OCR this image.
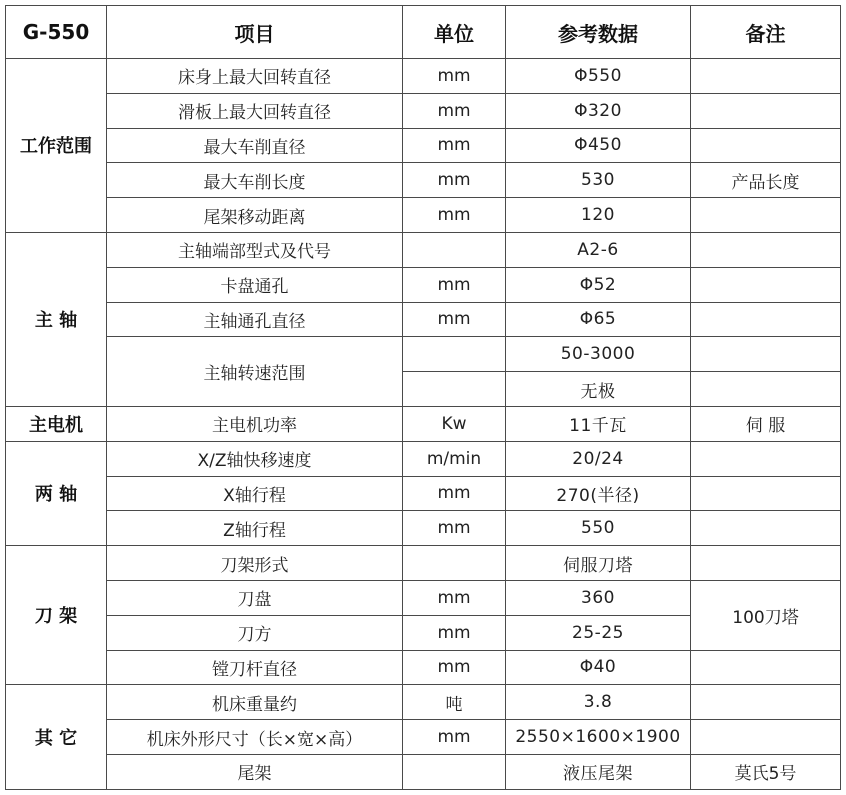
G-550	项目	单位	参考数据	备注
工作范围	床身上最大回转直径	mm	Φ550	
	滑板上最大回转直径	mm	Φ320	
	最大车削直径	mm	Φ450	
	最大车削长度	mm	530	产品长度
	尾架移动距离	mm	120	
主 轴	主轴端部型式及代号		A2-6	
	卡盘通孔	mm	Φ52	
	主轴通孔直径	mm	Φ65	
	主轴转速范围		50-3000	
			无极	
主电机	主电机功率	Kw	11千瓦	伺 服
两 轴	X/Z轴快移速度	m/min	20/24	
	X轴行程	mm	270(半径)	
	Z轴行程	mm	550	
刀 架	刀架形式		伺服刀塔	
	刀盘	mm	360	100刀塔
	刀方	mm	25-25	
	镗刀杆直径	mm	Φ40	
其 它	机床重量约	吨	3.8	
	机床外形尺寸（长×宽×高）	mm	2550×1600×1900	
	尾架		液压尾架	莫氏5号
